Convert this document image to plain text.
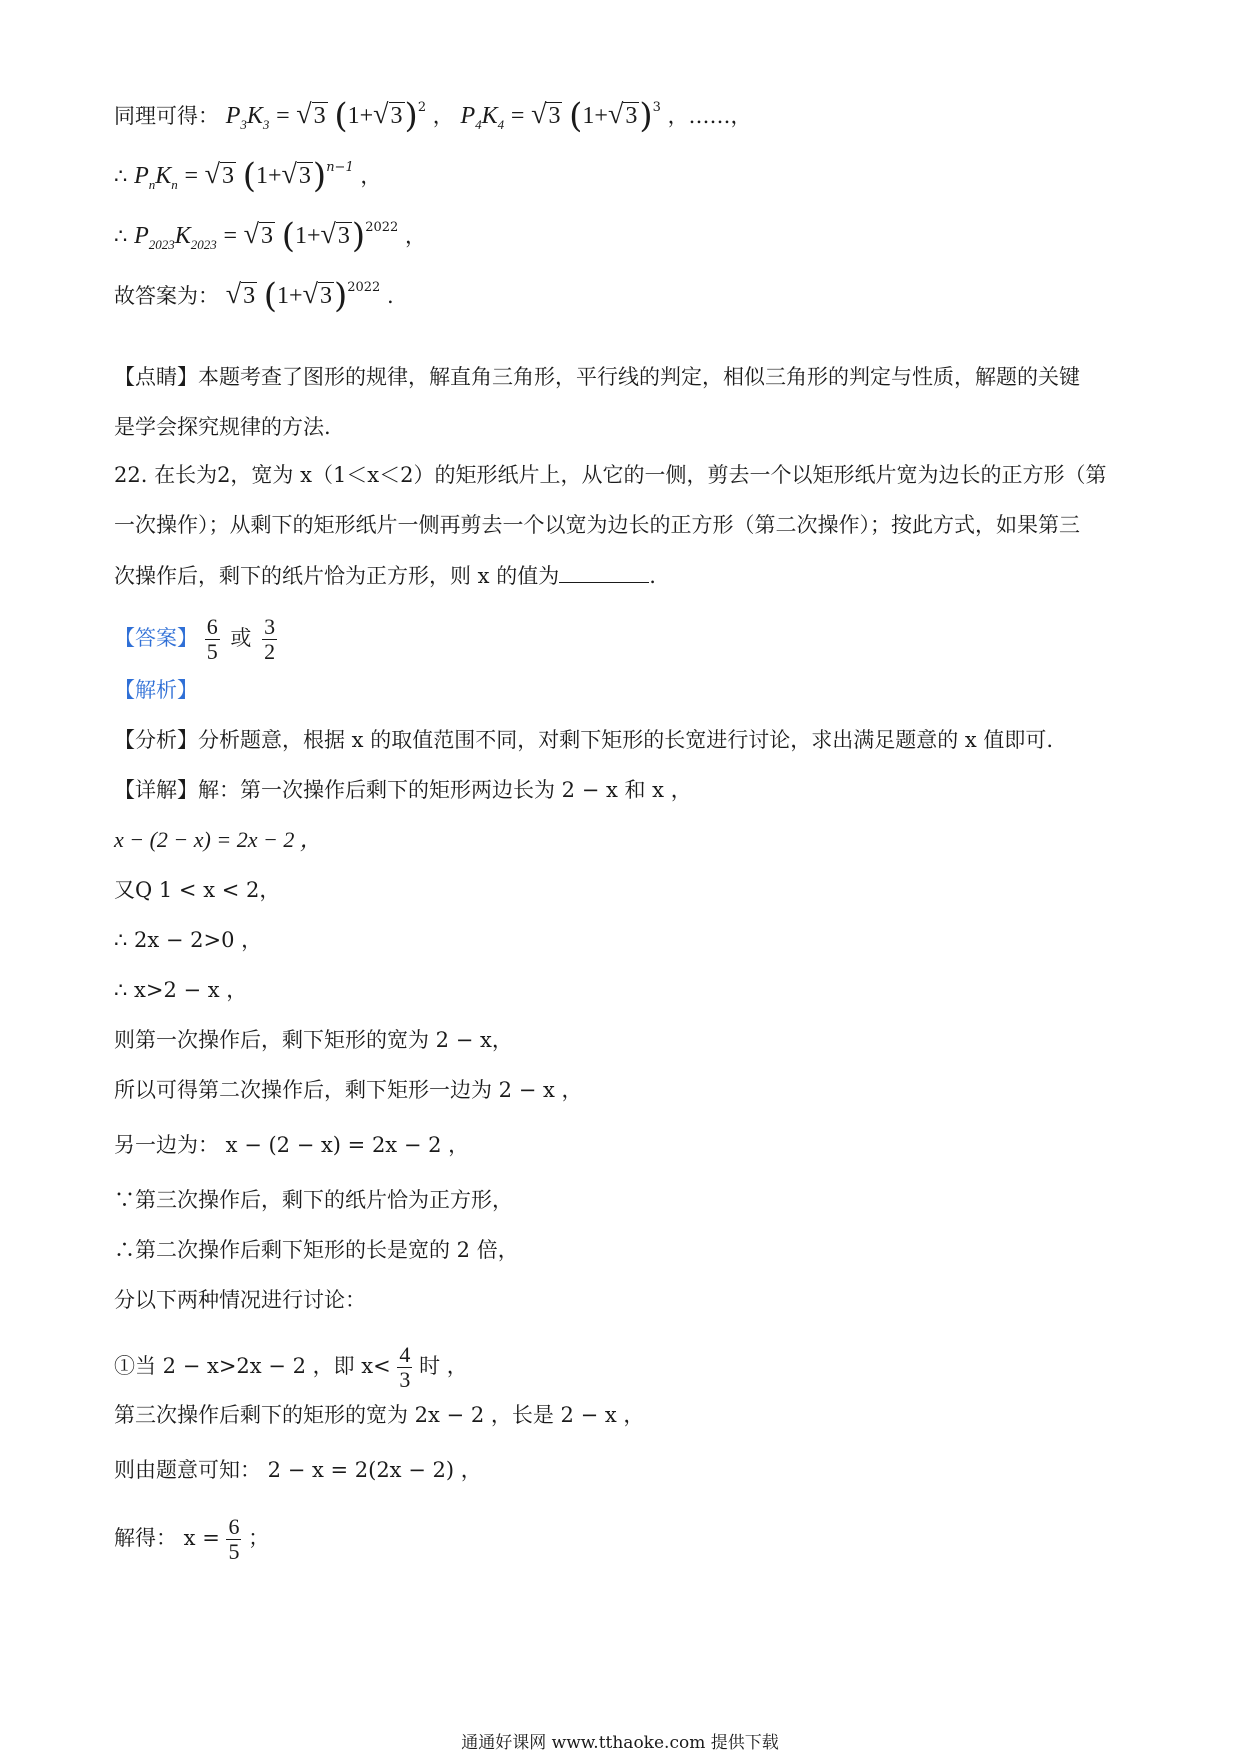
同理可得： $P_3K_3 = √3$ $(1+√3)^2$ ， $P_4K_4 = √3$ $(1+√3)^3$ ，……，
∴ $P_nK_n = √3$ $(1+√3)^{n-1}$ ，
∴ $P_{2023}K_{2023} = √3$ $(1+√3)^{2022}$ ，
故答案为： √3 $(1+√3)^{2022}$ .
【点睛】本题考查了图形的规律，解直角三角形，平行线的判定，相似三角形的判定与性质，解题的关键
是学会探究规律的方法.
22. 在长为2，宽为 x（1＜x＜2）的矩形纸片上，从它的一侧，剪去一个以矩形纸片宽为边长的正方形（第
一次操作）；从剩下的矩形纸片一侧再剪去一个以宽为边长的正方形（第二次操作）；按此方式，如果第三
次操作后，剩下的纸片恰为正方形，则 x 的值为	.
【答案】 $\frac{6}{5}$ 或 $\frac{3}{2}$
【解析】
【分析】分析题意，根据 x 的取值范围不同，对剩下矩形的长宽进行讨论，求出满足题意的 x 值即可.
【详解】解：第一次操作后剩下的矩形两边长为 2 − x 和 x ，
x − (2 − x) = 2x − 2 ，
又Q 1 < x < 2，
∴ 2x − 2>0 ，
∴ x>2 − x ，
则第一次操作后，剩下矩形的宽为 2 − x，
所以可得第二次操作后，剩下矩形一边为 2 − x ，
另一边为： x − (2 − x) = 2x − 2 ，
∵第三次操作后，剩下的纸片恰为正方形，
∴第二次操作后剩下矩形的长是宽的 2 倍，
分以下两种情况进行讨论：
①当 2 − x>2x − 2 ，即 $x< \frac{4}{3}$ 时 ，
第三次操作后剩下的矩形的宽为 2x − 2 ，长是 2 − x ，
则由题意可知： 2 − x = 2(2x − 2) ，
解得： $x = \frac{6}{5}$ ；
通通好课网 www.tthaoke.com 提供下载
